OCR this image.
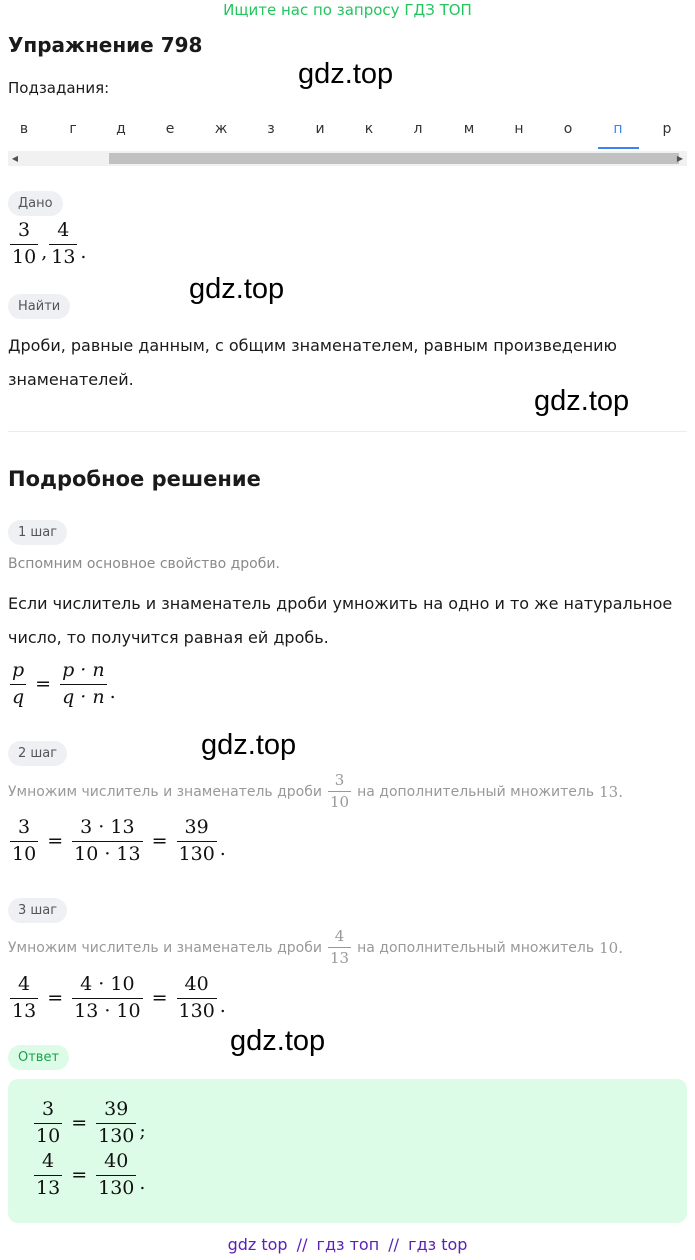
Ищите нас по запросу ГДЗ ТОП
Упражнение 798
Подзадания:	gdz.top
gdz.top
gdz.top
gdz.top
gdz.top
в	г	д	е	ж	з	и	к	л	м	н	о	п	р
◀	▶
Дано
$\frac{3}{10}$ , $\frac{4}{13}$ .
Найти
Дроби, равные данным, с общим знаменателем, равным произведению
знаменателей.
Подробное решение
1 шаг
Вспомним основное свойство дроби.
Если числитель и знаменатель дроби умножить на одно и то же натуральное
число, то получится равная ей дробь.
$\frac{p}{q} = \frac{p \cdot n}{q \cdot n}$ .
2 шаг
Умножим числитель и знаменатель дроби $\frac{3}{10}$ на дополнительный множитель 13.
$\frac{3}{10} = \frac{3 \cdot 13}{10 \cdot 13} = \frac{39}{130}$ .
3 шаг
Умножим числитель и знаменатель дроби $\frac{4}{13}$ на дополнительный множитель 10.
$\frac{4}{13} = \frac{4 \cdot 10}{13 \cdot 10} = \frac{40}{130}$ .
Ответ
$\frac{3}{10} = \frac{39}{130}$ ;
$\frac{4}{13} = \frac{40}{130}$ .
gdz top // гдз топ // гдз top
